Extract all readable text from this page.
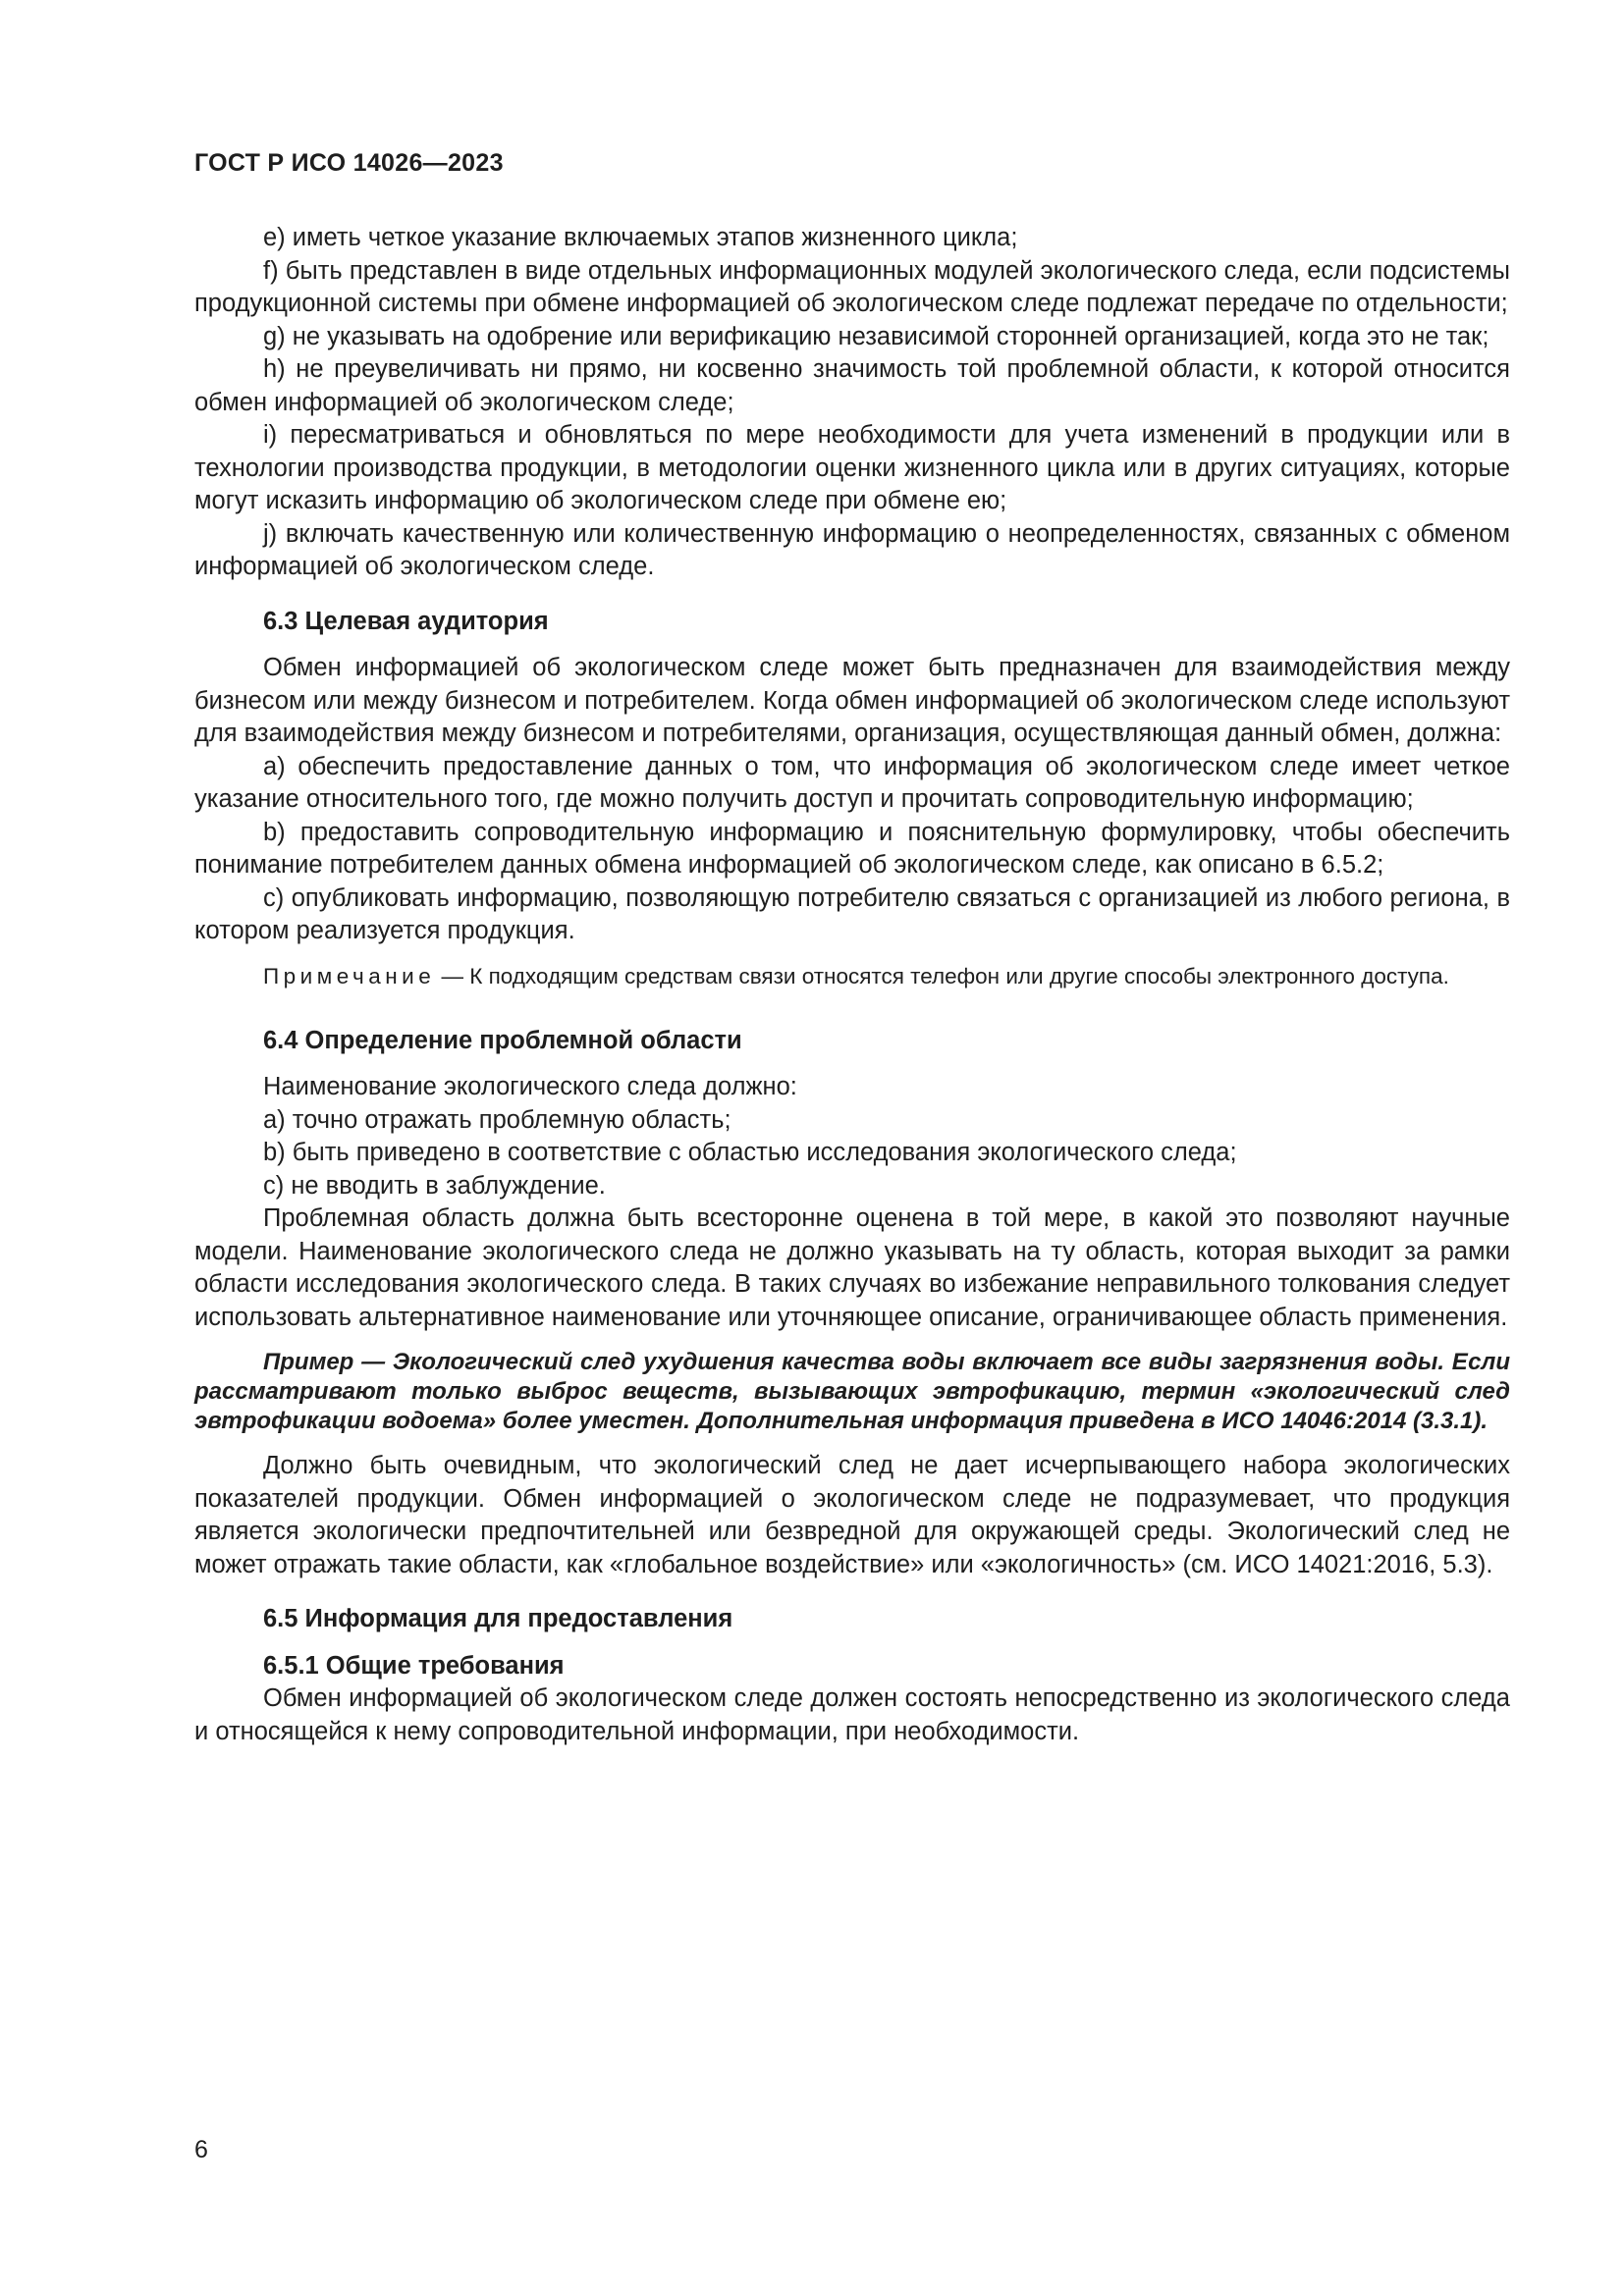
ГОСТ Р ИСО 14026—2023

е) иметь четкое указание включаемых этапов жизненного цикла;

f) быть представлен в виде отдельных информационных модулей экологического следа, если подсистемы продукционной системы при обмене информацией об экологическом следе подлежат передаче по отдельности;

g) не указывать на одобрение или верификацию независимой сторонней организацией, когда это не так;

h) не преувеличивать ни прямо, ни косвенно значимость той проблемной области, к которой относится обмен информацией об экологическом следе;

i) пересматриваться и обновляться по мере необходимости для учета изменений в продукции или в технологии производства продукции, в методологии оценки жизненного цикла или в других ситуациях, которые могут исказить информацию об экологическом следе при обмене ею;

j) включать качественную или количественную информацию о неопределенностях, связанных с обменом информацией об экологическом следе.

6.3 Целевая аудитория

Обмен информацией об экологическом следе может быть предназначен для взаимодействия между бизнесом или между бизнесом и потребителем. Когда обмен информацией об экологическом следе используют для взаимодействия между бизнесом и потребителями, организация, осуществляющая данный обмен, должна:

а) обеспечить предоставление данных о том, что информация об экологическом следе имеет четкое указание относительного того, где можно получить доступ и прочитать сопроводительную информацию;

b) предоставить сопроводительную информацию и пояснительную формулировку, чтобы обеспечить понимание потребителем данных обмена информацией об экологическом следе, как описано в 6.5.2;

с) опубликовать информацию, позволяющую потребителю связаться с организацией из любого региона, в котором реализуется продукция.

Примечание — К подходящим средствам связи относятся телефон или другие способы электронного доступа.

6.4 Определение проблемной области

Наименование экологического следа должно:

а) точно отражать проблемную область;

b) быть приведено в соответствие с областью исследования экологического следа;

с) не вводить в заблуждение.

Проблемная область должна быть всесторонне оценена в той мере, в какой это позволяют научные модели. Наименование экологического следа не должно указывать на ту область, которая выходит за рамки области исследования экологического следа. В таких случаях во избежание неправильного толкования следует использовать альтернативное наименование или уточняющее описание, ограничивающее область применения.

Пример — Экологический след ухудшения качества воды включает все виды загрязнения воды. Если рассматривают только выброс веществ, вызывающих эвтрофикацию, термин «экологический след эвтрофикации водоема» более уместен. Дополнительная информация приведена в ИСО 14046:2014 (3.3.1).

Должно быть очевидным, что экологический след не дает исчерпывающего набора экологических показателей продукции. Обмен информацией о экологическом следе не подразумевает, что продукция является экологически предпочтительней или безвредной для окружающей среды. Экологический след не может отражать такие области, как «глобальное воздействие» или «экологичность» (см. ИСО 14021:2016, 5.3).

6.5 Информация для предоставления
6.5.1 Общие требования

Обмен информацией об экологическом следе должен состоять непосредственно из экологического следа и относящейся к нему сопроводительной информации, при необходимости.

6
